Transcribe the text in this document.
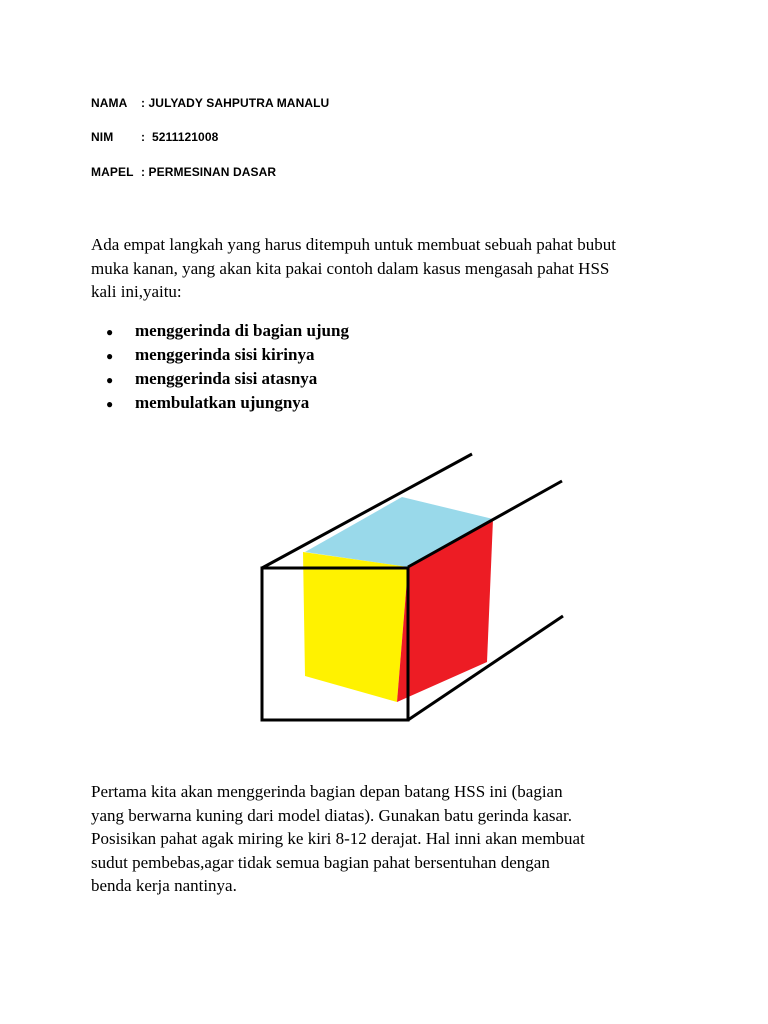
NAMA : JULYADY SAHPUTRA MANALU
NIM :  5211121008
MAPEL : PERMESINAN DASAR
Ada empat langkah yang harus ditempuh untuk membuat sebuah pahat bubut
muka kanan, yang akan kita pakai contoh dalam kasus mengasah pahat HSS
kali ini,yaitu:
● menggerinda di bagian ujung
● menggerinda sisi kirinya
● menggerinda sisi atasnya
● membulatkan ujungnya
Pertama kita akan menggerinda bagian depan batang HSS ini (bagian
yang berwarna kuning dari model diatas). Gunakan batu gerinda kasar.
Posisikan pahat agak miring ke kiri 8-12 derajat. Hal inni akan membuat
sudut pembebas,agar tidak semua bagian pahat bersentuhan dengan
benda kerja nantinya.
